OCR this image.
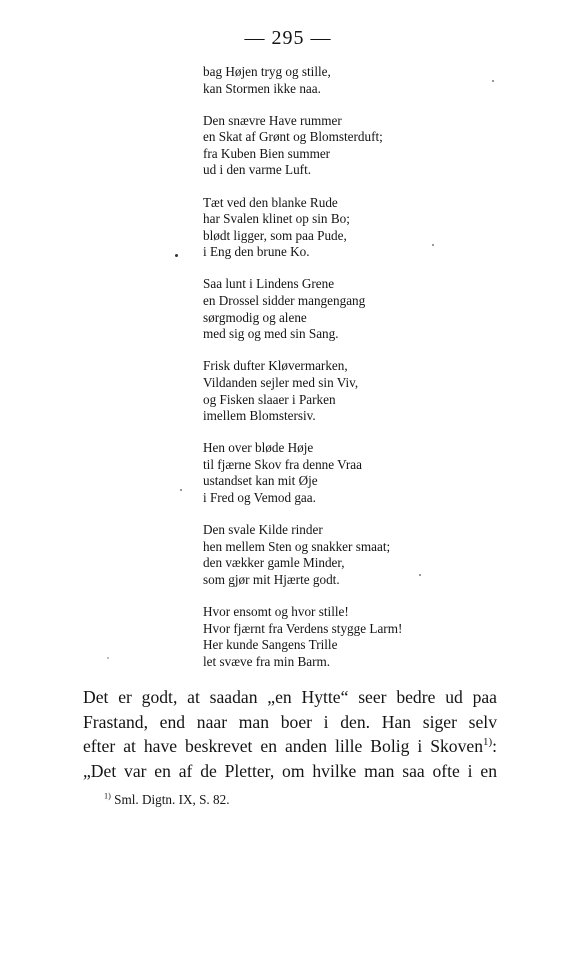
— 295 —
bag Højen tryg og stille,
kan Stormen ikke naa.
Den snævre Have rummer
en Skat af Grønt og Blomsterduft;
fra Kuben Bien summer
ud i den varme Luft.
Tæt ved den blanke Rude
har Svalen klinet op sin Bo;
blødt ligger, som paa Pude,
i Eng den brune Ko.
Saa lunt i Lindens Grene
en Drossel sidder mangengang
sørgmodig og alene
med sig og med sin Sang.
Frisk dufter Kløvermarken,
Vildanden sejler med sin Viv,
og Fisken slaaer i Parken
imellem Blomstersiv.
Hen over bløde Høje
til fjærne Skov fra denne Vraa
ustandset kan mit Øje
i Fred og Vemod gaa.
Den svale Kilde rinder
hen mellem Sten og snakker smaat;
den vækker gamle Minder,
som gjør mit Hjærte godt.
Hvor ensomt og hvor stille!
Hvor fjærnt fra Verdens stygge Larm!
Her kunde Sangens Trille
let svæve fra min Barm.
Det er godt, at saadan „en Hytte“ seer bedre ud paa
Frastand, end naar man boer i den. Han siger selv
efter at have beskrevet en anden lille Bolig i Skoven$^{1)}$:
„Det var en af de Pletter, om hvilke man saa ofte i en
$^{1)}$ Sml. Digtn. IX, S. 82.
